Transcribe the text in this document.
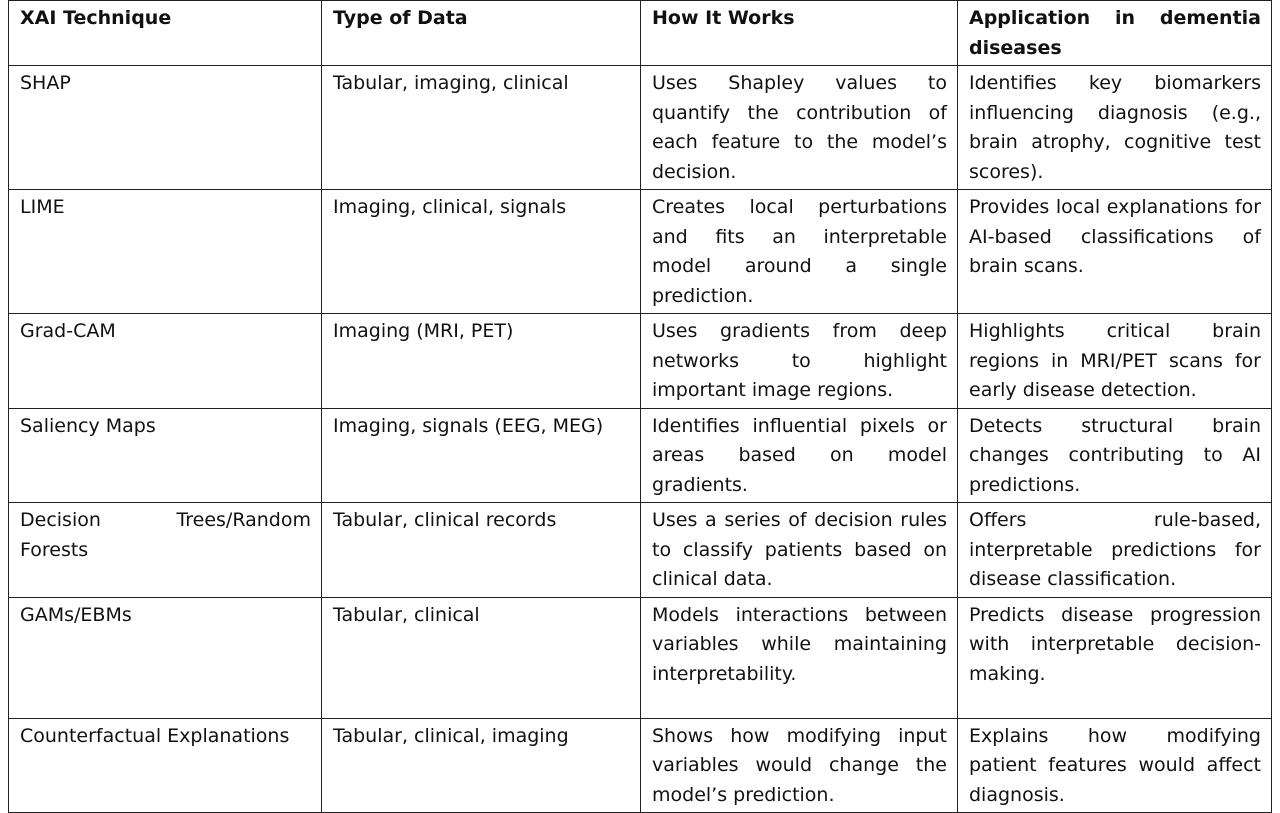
XAI Technique	Type of Data	How It Works	Application in dementia diseases
SHAP	Tabular, imaging, clinical	Uses Shapley values to quantify the contribution of each feature to the model’s decision.	Identifies key biomarkers influencing diagnosis (e.g., brain atrophy, cognitive test scores).
LIME	Imaging, clinical, signals	Creates local perturbations and fits an interpretable model around a single prediction.	Provides local explanations for AI-based classifications of brain scans.
Grad-CAM	Imaging (MRI, PET)	Uses gradients from deep networks to highlight important image regions.	Highlights critical brain regions in MRI/PET scans for early disease detection.
Saliency Maps	Imaging, signals (EEG, MEG)	Identifies influential pixels or areas based on model gradients.	Detects structural brain changes contributing to AI predictions.
Decision Trees/Random Forests	Tabular, clinical records	Uses a series of decision rules to classify patients based on clinical data.	Offers rule-based, interpretable predictions for disease classification.
GAMs/EBMs	Tabular, clinical	Models interactions between variables while maintaining interpretability.	Predicts disease progression with interpretable decision-making.
Counterfactual Explanations	Tabular, clinical, imaging	Shows how modifying input variables would change the model’s prediction.	Explains how modifying patient features would affect diagnosis.
